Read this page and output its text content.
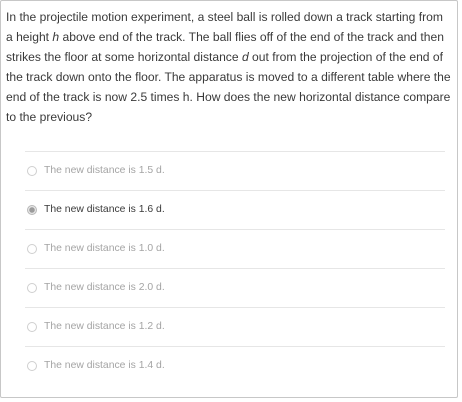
In the projectile motion experiment, a steel ball is rolled down a track starting from a height h above end of the track. The ball flies off of the end of the track and then strikes the floor at some horizontal distance d out from the projection of the end of the track down onto the floor. The apparatus is moved to a different table where the end of the track is now 2.5 times h. How does the new horizontal distance compare to the previous?
The new distance is 1.5 d.
The new distance is 1.6 d.
The new distance is 1.0 d.
The new distance is 2.0 d.
The new distance is 1.2 d.
The new distance is 1.4 d.
